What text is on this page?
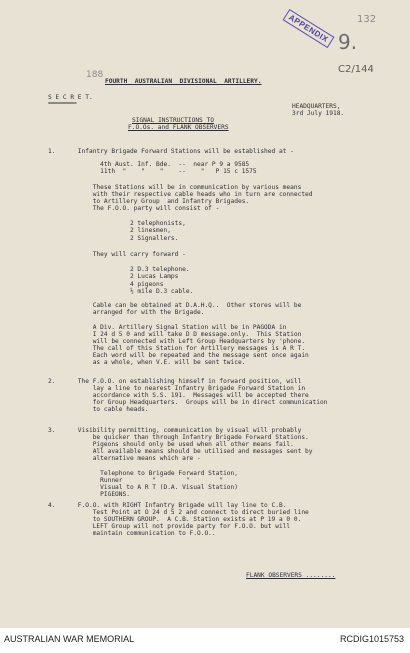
132
9.
C2/144
188
APPENDIX
FOURTH  AUSTRALIAN  DIVISIONAL  ARTILLERY.
S E C R E T.
=========	HEADQUARTERS,
3rd July 1918.
SIGNAL INSTRUCTIONS TO
F.O.Os. and FLANK OBSERVERS
1.      Infantry Brigade Forward Stations will be established at -
4th Aust. Inf. Bde.  --  near P 9 a 9585
11th  "    "    "    --    "   P 15 c 1575
These Stations will be in communication by various means
with their respective cable heads who in turn are connected
to Artillery Group  and Infantry Brigades.
The F.O.O. party will consist of -
2 telephonists,
2 linesmen,
2 Signallers.
They will carry forward -
2 D.3 telephone.
2 Lucas Lamps
4 pigeons
½ mile D.3 cable.
Cable can be obtained at D.A.H.Q..  Other stores will be
arranged for with the Brigade.
A Div. Artillery Signal Station will be in PAGODA in
I 24 d 5 0 and will take D D message.only.  This Station
will be connected with Left Group Headquarters by 'phone.
The call of this Station for Artillery messages is A R T.
Each word will be repeated and the message sent once again
as a whole, when V.E. will be sent twice.
2.      The F.O.O. on establishing himself in forward position, will
lay a line to nearest Infantry Brigade Forward Station in
accordance with S.S. 191.  Messages will be accepted there
for Group Headquarters.  Groups will be in direct communication
to cable heads.
3.      Visibility permitting, communication by visual will probably
be quicker than through Infantry Brigade Forward Stations.
Pigeons should only be used when all other means fail.
All available means should be utilised and messages sent by
alternative means which are -
Telephone to Brigade Forward Station,
Runner        "        "        "
Visual to A R T (D.A. Visual Station)
PIGEONS.
4.      F.O.O. with RIGHT Infantry Brigade will lay line to C.B.
Test Point at O 24 d 5 2 and connect to direct buried line
to SOUTHERN GROUP.  A C.B. Station exists at P 19 a 0 0.
LEFT Group will not provide party for F.O.O. but will
maintain communication to F.O.O..
FLANK OBSERVERS ........
AUSTRALIAN WAR MEMORIAL	RCDIG1015753
